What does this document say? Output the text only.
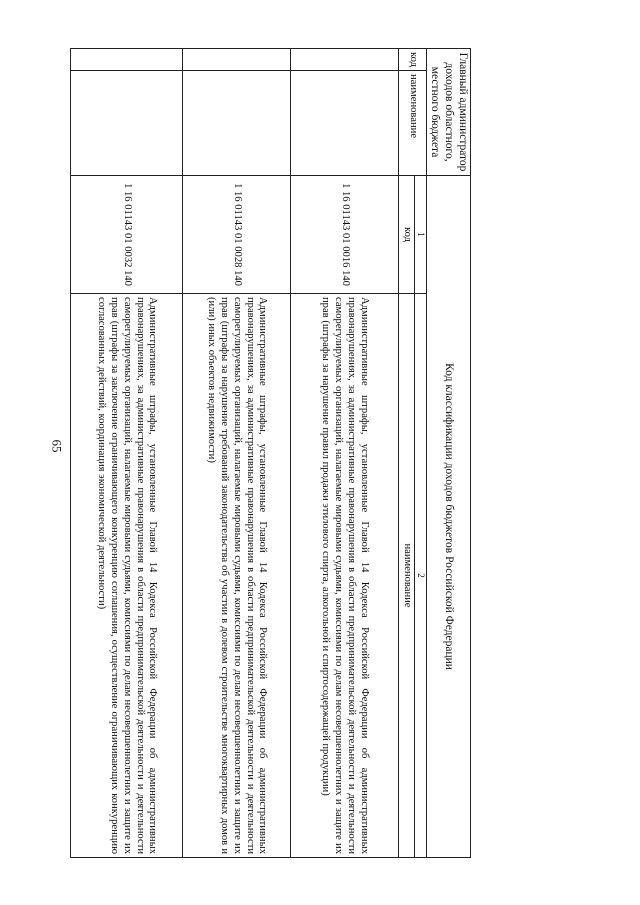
65
Главный администратор доходов областного, местного бюджета		Код классификации доходов бюджетов Российской Федерации	
код	наименование	1	2
		код	наименование
		1 16 01143 01 0016 140	Административные штрафы, установленные Главой 14 Кодекса Российской Федерации об административных правонарушениях, за административные правонарушения в области предпринимательской деятельности и деятельности саморегулируемых организаций, налагаемые мировыми судьями, комиссиями по делам несовершеннолетних и защите их прав (штрафы за нарушение правил продажи этилового спирта, алкогольной и спиртосодержащей продукции)
		1 16 01143 01 0028 140	Административные штрафы, установленные Главой 14 Кодекса Российской Федерации об административных правонарушениях, за административные правонарушения в области предпринимательской деятельности и деятельности саморегулируемых организаций, налагаемые мировыми судьями, комиссиями по делам несовершеннолетних и защите их прав (штрафы за нарушение требований законодательства об участии в долевом строительстве многоквартирных домов и (или) иных объектов недвижимости)
		1 16 01143 01 0032 140	Административные штрафы, установленные Главой 14 Кодекса Российской Федерации об административных правонарушениях, за административные правонарушения в области предпринимательской деятельности и деятельности саморегулируемых организаций, налагаемые мировыми судьями, комиссиями по делам несовершеннолетних и защите их прав (штрафы за заключение ограничивающего конкуренцию соглашения, осуществление ограничивающих конкуренцию согласованных действий, координация экономической деятельности)
